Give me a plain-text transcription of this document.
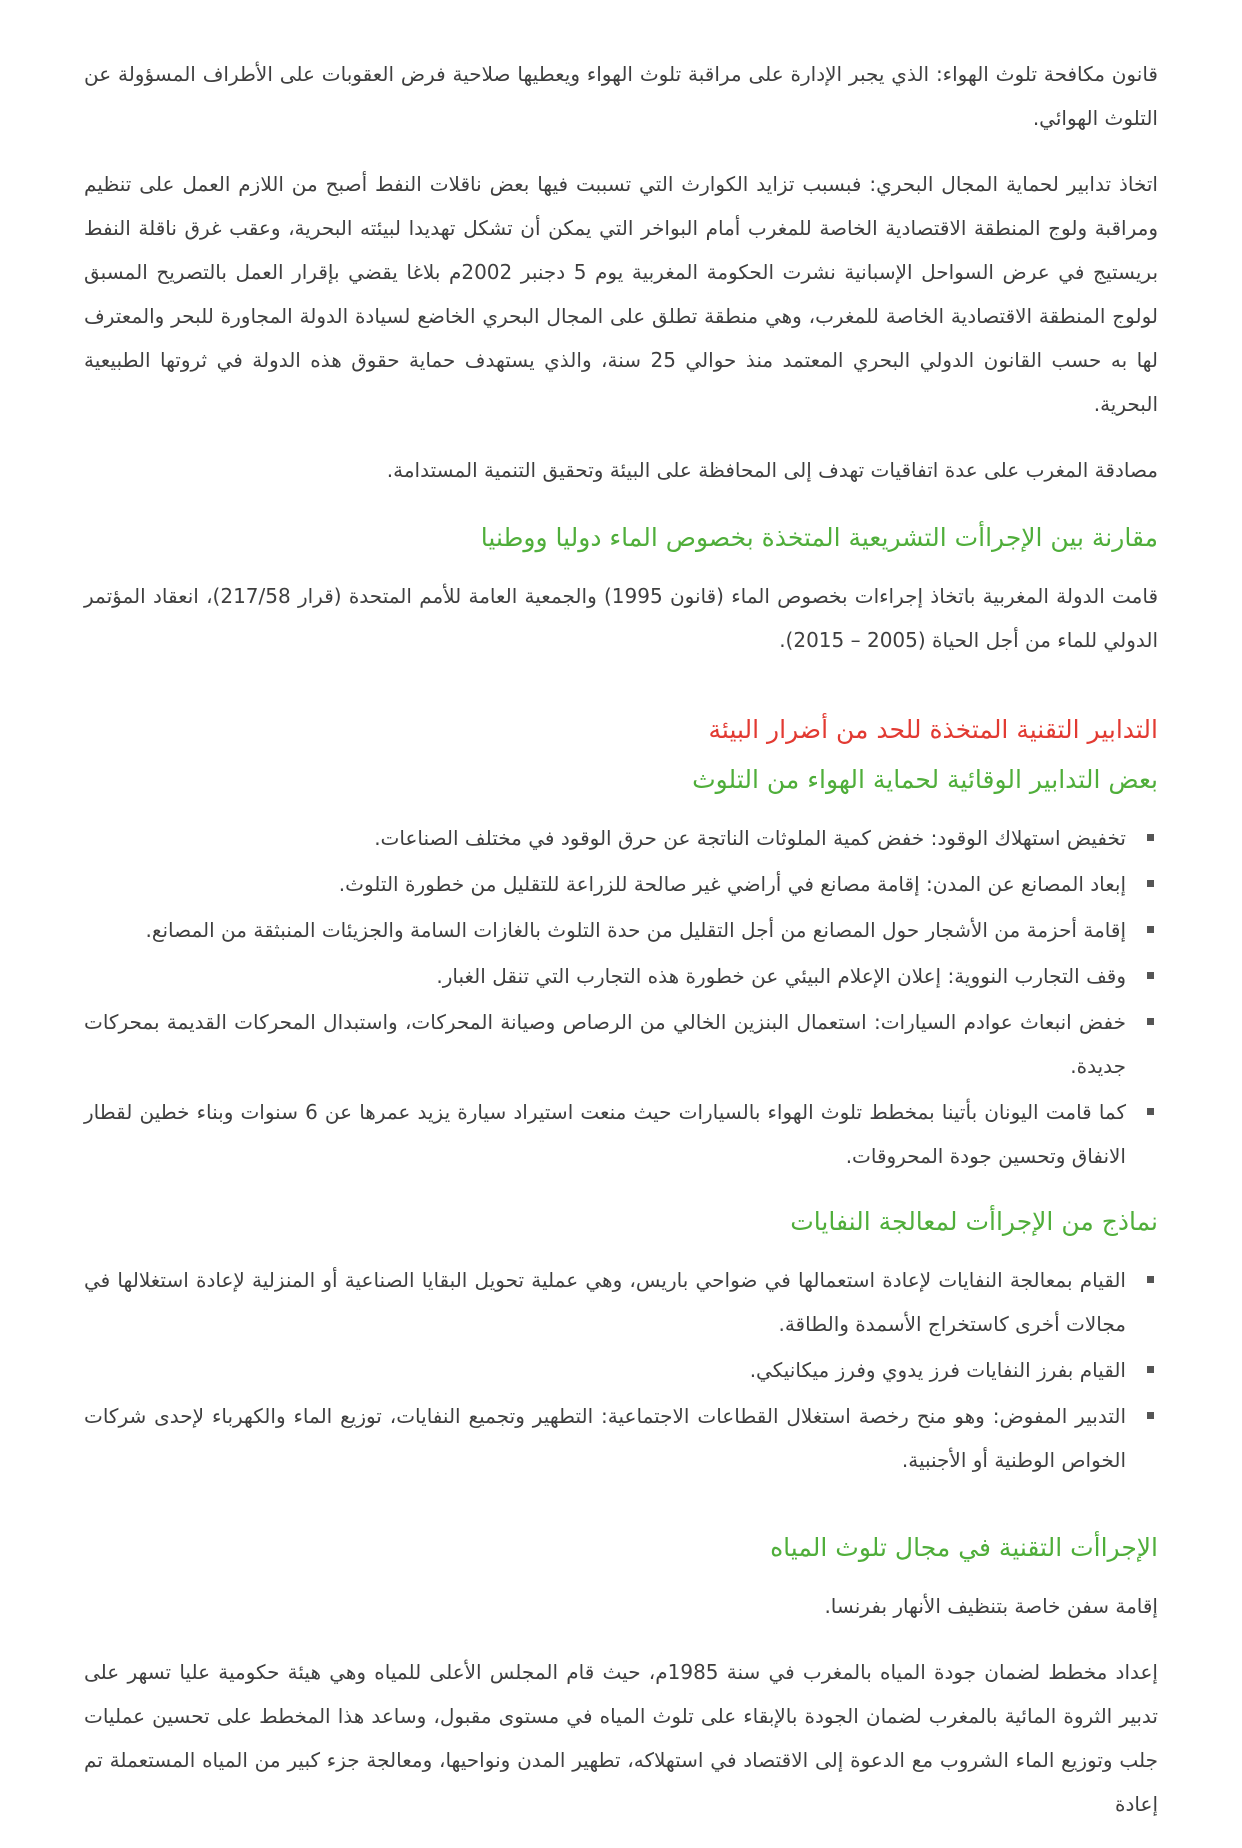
قانون مكافحة تلوث الهواء: الذي يجبر الإدارة على مراقبة تلوث الهواء ويعطيها صلاحية فرض العقوبات على الأطراف المسؤولة عن التلوث الهوائي.

اتخاذ تدابير لحماية المجال البحري: فبسبب تزايد الكوارث التي تسببت فيها بعض ناقلات النفط أصبح من اللازم العمل على تنظيم ومراقبة ولوج المنطقة الاقتصادية الخاصة للمغرب أمام البواخر التي يمكن أن تشكل تهديدا لبيئته البحرية، وعقب غرق ناقلة النفط بريستيج في عرض السواحل الإسبانية نشرت الحكومة المغربية يوم 5 دجنبر 2002م بلاغا يقضي بإقرار العمل بالتصريح المسبق لولوج المنطقة الاقتصادية الخاصة للمغرب، وهي منطقة تطلق على المجال البحري الخاضع لسيادة الدولة المجاورة للبحر والمعترف لها به حسب القانون الدولي البحري المعتمد منذ حوالي 25 سنة، والذي يستهدف حماية حقوق هذه الدولة في ثروتها الطبيعية البحرية.

مصادقة المغرب على عدة اتفاقيات تهدف إلى المحافظة على البيئة وتحقيق التنمية المستدامة.

مقارنة بين الإجراأت التشريعية المتخذة بخصوص الماء دوليا ووطنيا

قامت الدولة المغربية باتخاذ إجراءات بخصوص الماء (قانون 1995) والجمعية العامة للأمم المتحدة (قرار 217/58)، انعقاد المؤتمر الدولي للماء من أجل الحياة (2005 – 2015).

التدابير التقنية المتخذة للحد من أضرار البيئة
بعض التدابير الوقائية لحماية الهواء من التلوث
تخفيض استهلاك الوقود: خفض كمية الملوثات الناتجة عن حرق الوقود في مختلف الصناعات.
إبعاد المصانع عن المدن: إقامة مصانع في أراضي غير صالحة للزراعة للتقليل من خطورة التلوث.
إقامة أحزمة من الأشجار حول المصانع من أجل التقليل من حدة التلوث بالغازات السامة والجزيئات المنبثقة من المصانع.
وقف التجارب النووية: إعلان الإعلام البيئي عن خطورة هذه التجارب التي تنقل الغبار.
خفض انبعاث عوادم السيارات: استعمال البنزين الخالي من الرصاص وصيانة المحركات، واستبدال المحركات القديمة بمحركات جديدة.
كما قامت اليونان بأتينا بمخطط تلوث الهواء بالسيارات حيث منعت استيراد سيارة يزيد عمرها عن 6 سنوات وبناء خطين لقطار الانفاق وتحسين جودة المحروقات.
نماذج من الإجراأت لمعالجة النفايات
القيام بمعالجة النفايات لإعادة استعمالها في ضواحي باريس، وهي عملية تحويل البقايا الصناعية أو المنزلية لإعادة استغلالها في مجالات أخرى كاستخراج الأسمدة والطاقة.
القيام بفرز النفايات فرز يدوي وفرز ميكانيكي.
التدبير المفوض: وهو منح رخصة استغلال القطاعات الاجتماعية: التطهير وتجميع النفايات، توزيع الماء والكهرباء لإحدى شركات الخواص الوطنية أو الأجنبية.
الإجراأت التقنية في مجال تلوث المياه

إقامة سفن خاصة بتنظيف الأنهار بفرنسا.

إعداد مخطط لضمان جودة المياه بالمغرب في سنة 1985م، حيث قام المجلس الأعلى للمياه وهي هيئة حكومية عليا تسهر على تدبير الثروة المائية بالمغرب لضمان الجودة بالإبقاء على تلوث المياه في مستوى مقبول، وساعد هذا المخطط على تحسين عمليات جلب وتوزيع الماء الشروب مع الدعوة إلى الاقتصاد في استهلاكه، تطهير المدن ونواحيها، ومعالجة جزء كبير من المياه المستعملة تم إعادة
